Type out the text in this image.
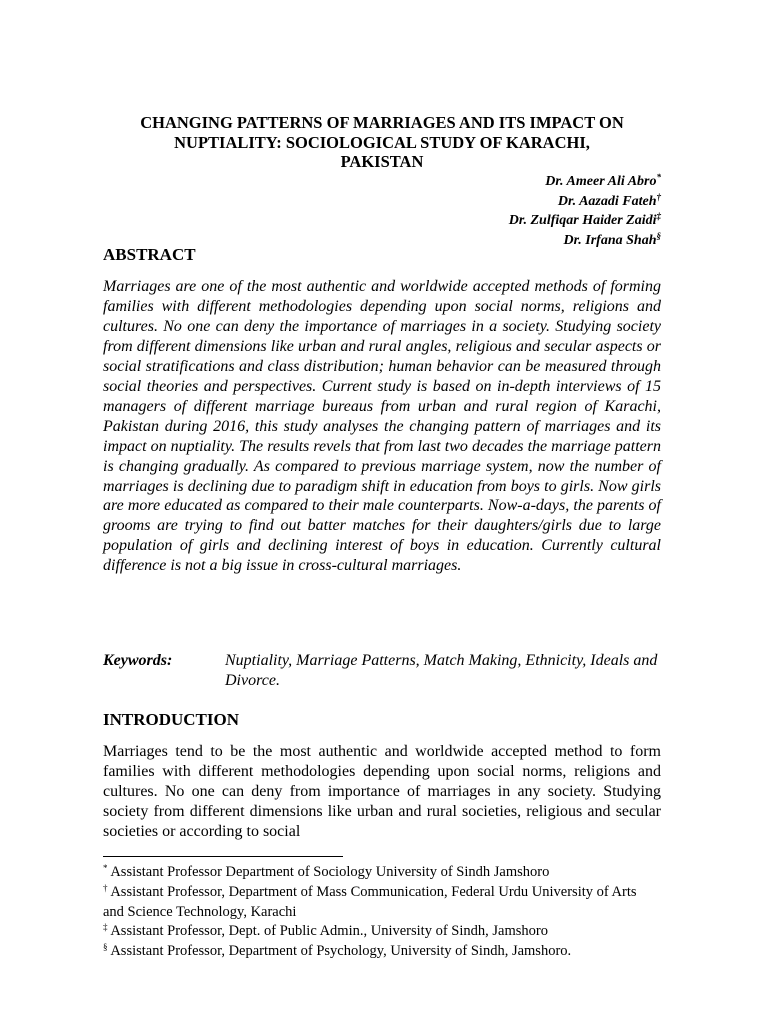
CHANGING PATTERNS OF MARRIAGES AND ITS IMPACT ON
NUPTIALITY: SOCIOLOGICAL STUDY OF KARACHI,
PAKISTAN
Dr. Ameer Ali Abro*
Dr. Aazadi Fateh†
Dr. Zulfiqar Haider Zaidi‡
Dr. Irfana Shah§
ABSTRACT
Marriages are one of the most authentic and worldwide accepted methods of forming families with different methodologies depending upon social norms, religions and cultures. No one can deny the importance of marriages in a society. Studying society from different dimensions like urban and rural angles, religious and secular aspects or social stratifications and class distribution; human behavior can be measured through social theories and perspectives. Current study is based on in-depth interviews of 15 managers of different marriage bureaus from urban and rural region of Karachi, Pakistan during 2016, this study analyses the changing pattern of marriages and its impact on nuptiality. The results revels that from last two decades the marriage pattern is changing gradually. As compared to previous marriage system, now the number of marriages is declining due to paradigm shift in education from boys to girls. Now girls are more educated as compared to their male counterparts. Now-a-days, the parents of grooms are trying to find out batter matches for their daughters/girls due to large population of girls and declining interest of boys in education. Currently cultural difference is not a big issue in cross-cultural marriages.
Keywords:	Nuptiality, Marriage Patterns, Match Making, Ethnicity, Ideals and Divorce.
INTRODUCTION
Marriages tend to be the most authentic and worldwide accepted method to form families with different methodologies depending upon social norms, religions and cultures. No one can deny from importance of marriages in any society. Studying society from different dimensions like urban and rural societies, religious and secular societies or according to social
* Assistant Professor Department of Sociology University of Sindh Jamshoro
† Assistant Professor, Department of Mass Communication, Federal Urdu University of Arts and Science Technology, Karachi
‡ Assistant Professor, Dept. of Public Admin., University of Sindh, Jamshoro
§ Assistant Professor, Department of Psychology, University of Sindh, Jamshoro.
